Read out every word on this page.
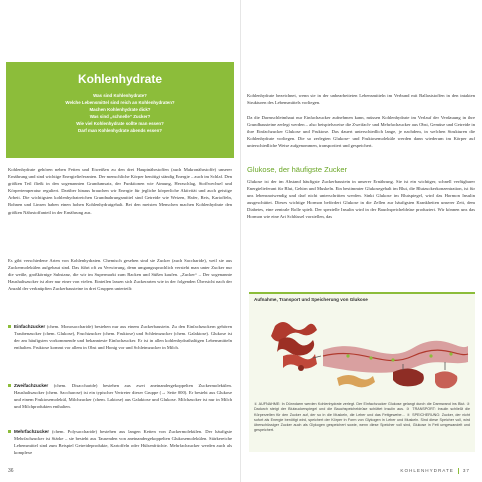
Kohlenhydrate
Was sind Kohlenhydrate?
Welche Lebensmittel sind reich an Kohlenhydraten?
Machen Kohlenhydrate dick?
Was sind „schnelle“ Zucker?
Wie viel Kohlenhydrate sollte man essen?
Darf man Kohlenhydrate abends essen?

Kohlenhydrate gehören neben Fetten und Eiweißen zu den drei Hauptnährstoffen (auch Makronährstoffe) unserer Ernährung und sind wichtige Energielieferanten. Der menschliche Körper benötigt ständig Energie – auch im Schlaf. Den größten Teil fließt in den sogenannten Grundumsatz, der Funktionen wie Atmung, Herzschlag, Stoffwechsel und Körpertemperatur reguliert. Darüber hinaus brauchen wir Energie für jegliche körperliche Aktivität und auch geistige Arbeit. Die wichtigsten kohlenhydratreichen Grundnahrungsmittel sind Getreide wie Weizen, Hafer, Reis, Kartoffeln, Bohnen und Linsen haben einen hohen Kohlenhydratgehalt. Bei den meisten Menschen machen Kohlenhydrate den größten Nährstoffanteil in der Ernährung aus.

Es gibt verschiedene Arten von Kohlenhydraten. Chemisch gesehen sind sie Zucker (auch Saccharide), weil sie aus Zuckermolekülen aufgebaut sind. Das führt oft zu Verwirrung, denn umgangssprachlich versteht man unter Zucker nur die weiße, großkörnige Substanz, die wir im Supermarkt zum Backen und Süßen kaufen. „Zucker“ – Der sogenannte Haushaltszucker ist aber nur einer von vielen. Einteilen lassen sich Zuckerarten wie in der folgenden Übersicht nach der Anzahl der verknüpften Zuckerbausteine in drei Gruppen unterteilt:

Einfachzucker (chem. Monosaccharide) bestehen nur aus einem Zuckerbaustein. Zu den Einfachzuckern gehören Traubenzucker (chem. Glukose), Fruchtzucker (chem. Fruktose) und Schleimzucker (chem. Galaktose). Glukose ist der am häufigsten vorkommende und bekannteste Einfachzucker. Er ist in allen kohlenhydrathaltigen Lebensmitteln enthalten. Fruktose kommt vor allem in Obst und Honig vor und Schleimzucker in Milch.
Zweifachzucker (chem. Disaccharide) bestehen aus zwei aneinandergekoppelten Zuckermolekülen. Haushaltszucker (chem. Saccharose) ist ein typischer Vertreter dieser Gruppe (→ Seite 000). Er besteht aus Glukose und einem Fruktosemolekül, Milchzucker (chem. Laktose) aus Galaktose und Glukose. Milchzucker ist nur in Milch und Milchprodukten enthalten.
Mehrfachzucker (chem. Polysaccharide) bestehen aus langen Ketten von Zuckermolekülen. Der häufigste Mehrfachzucker ist Stärke – sie besteht aus Tausenden von aneinandergekoppelten Glukosemolekülen. Stärkereiche Lebensmittel sind zum Beispiel Getreideprodukte, Kartoffeln oder Hülsenfrüchte. Mehrfachzucker werden auch als komplexe
36

Kohlenhydrate bezeichnet, wenn sie in der unbearbeiteten Lebensmitteln im Verbund mit Ballaststoffen in den intakten Strukturen des Lebensmittels vorliegen.

Da die Darmschleimhaut nur Einfachzucker aufnehmen kann, müssen Kohlenhydrate im Verlauf der Verdauung in ihre Grundbausteine zerlegt werden – also beispielsweise die Zweifach- und Mehrfachzucker aus Obst, Gemüse und Getreide in ihre Einfachzucker Glukose und Fruktose. Das dauert unterschiedlich lange, je nachdem, in welchen Strukturen die Kohlenhydrate vorliegen. Die so zerlegten Glukose- und Fruktosemoleküle werden dann wiederum im Körper auf unterschiedliche Weise aufgenommen, transportiert und gespeichert.

Glukose, der häufigste Zucker

Glukose ist der im Abstand häufigste Zuckerbaustein in unserer Ernährung. Sie ist ein wichtiger, schnell verfügbarer Energielieferant für Blut, Gehirn und Muskeln. Ein bestimmter Glukosegehalt im Blut, die Blutzuckerkonzentration, ist für uns lebensnotwendig und darf nicht unterschritten werden. Sinkt Glukose im Blutspiegel, wird das Hormon Insulin ausgeschüttet. Dieses wichtige Hormon befördert Glukose in die Zellen zur häufigsten Krankheiten unserer Zeit, dem Diabetes, eine zentrale Rolle spielt. Der spezielle Insulin wird in der Bauchspeicheldrüse produziert. Wir können uns das Hormon wie eine Art Schlüssel vorstellen, das

Aufnahme, Transport und Speicherung von Glukose

① AUFNAHME: In Dünndarm werden Kohlenhydrate zerlegt. Der Einfachzucker Glukose gelangt durch die Darmwand ins Blut. ② Dadurch steigt der Blutzuckerspiegel und die Bauchspeicheldrüse schüttet Insulin aus. ③ TRANSPORT: Insulin schließt die Körperzellen für den Zucker auf, der so in die Muskeln, die Leber und das Fettgewebe… ④ SPEICHERUNG: Zucker, der nicht sofort als Energie benötigt wird, speichert der Körper in Form von Glykogen in Leber und Muskeln. Sind diese Speicher voll, wird überschüssiger Zucker auch als Glykogen gespeichert sowie, wenn diese Speicher voll sind, Glukose in Fett umgewandelt und gespeichert.

KOHLENHYDRATE 37
